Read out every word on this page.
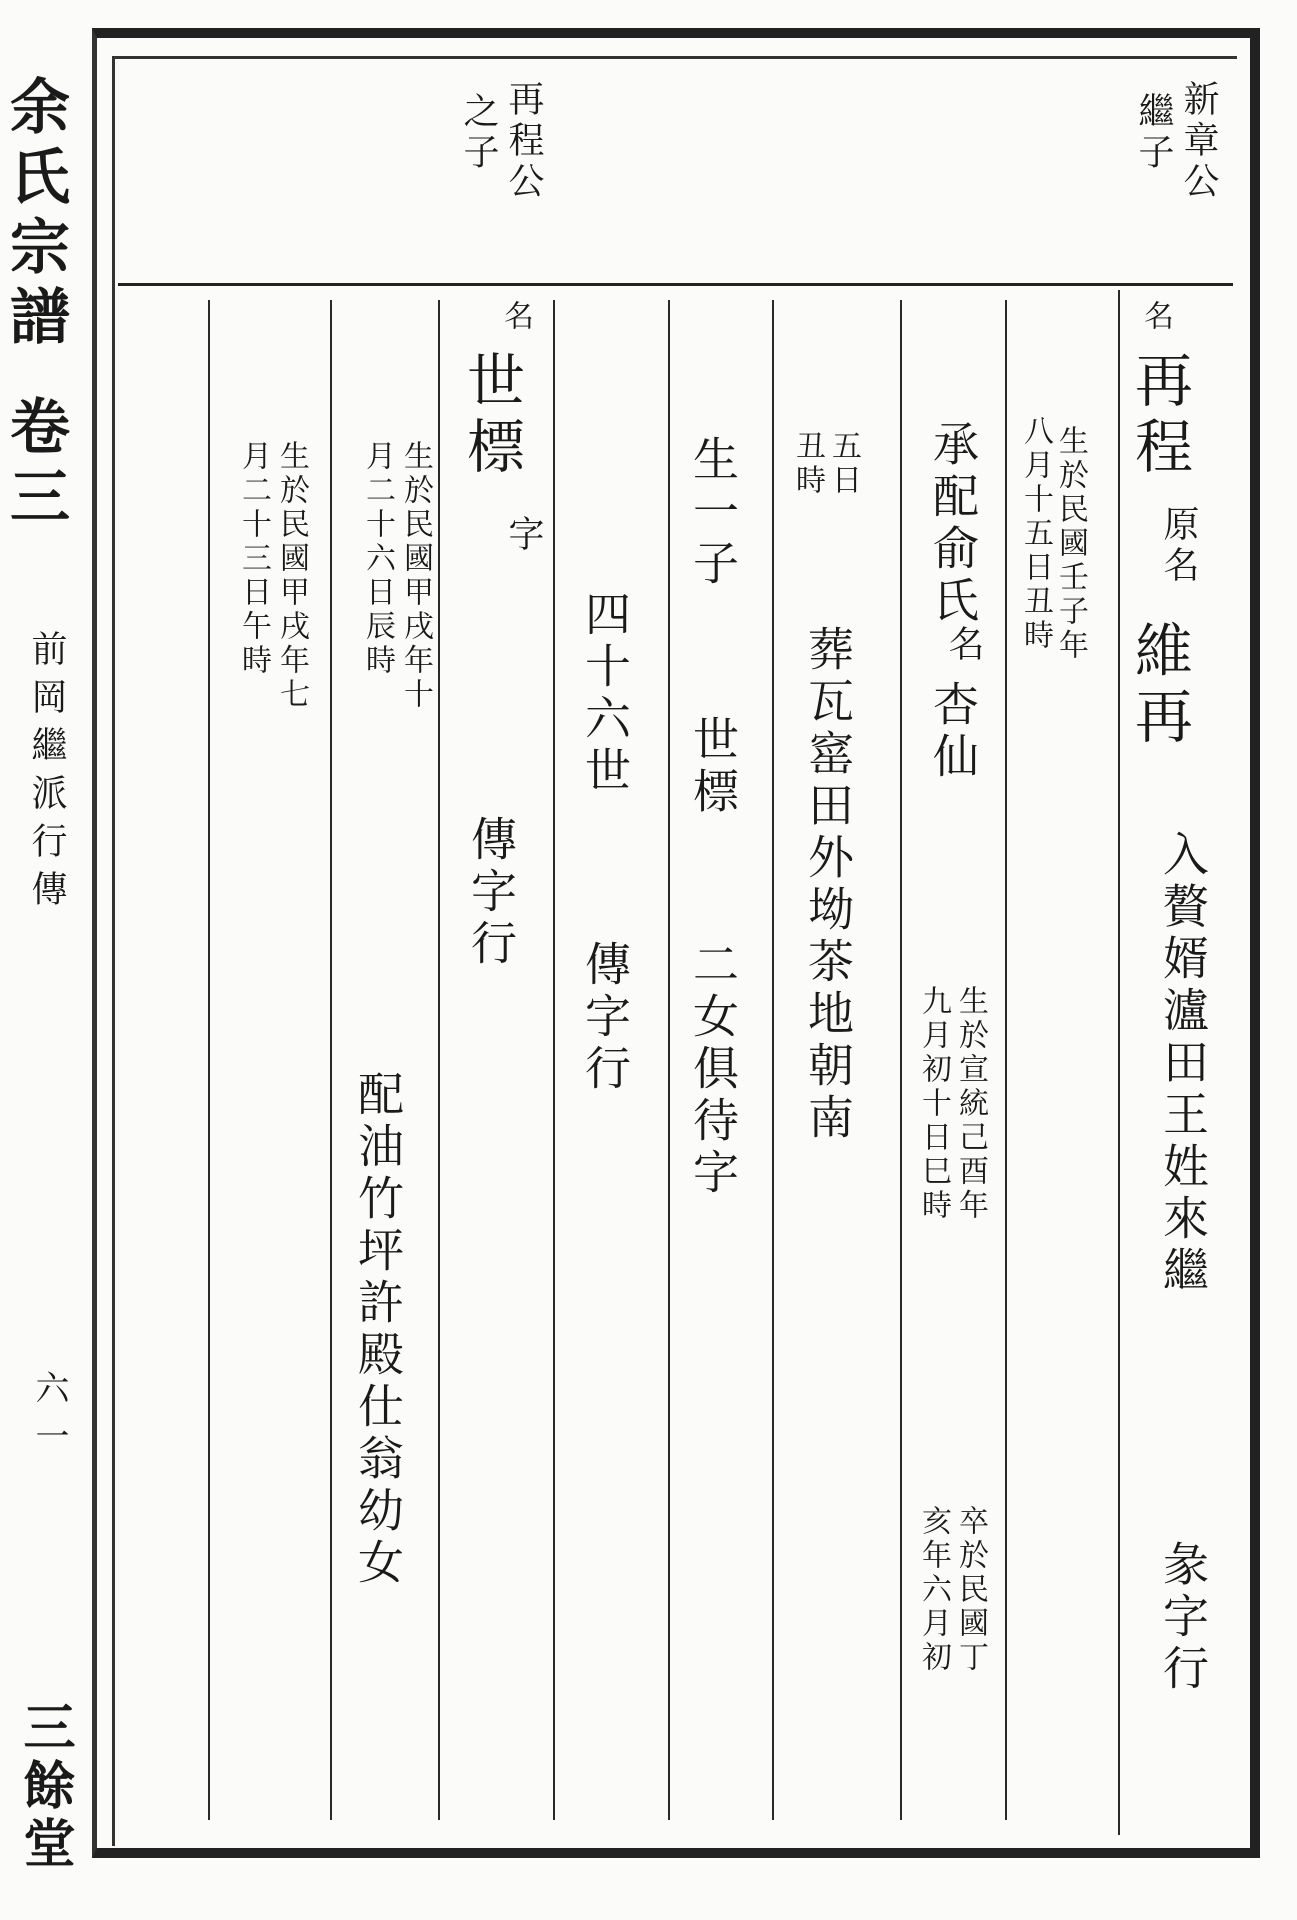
余氏宗譜
卷三
前岡繼派行傳
六一
三餘堂
新章公
繼子
再程公
之子
名
再程
原名
維再
入贅婿瀘田王姓來繼
彖字行
生於民國壬子年
八月十五日丑時
承配俞氏
名
杏仙
生於宣統己酉年
九月初十日巳時
卒於民國丁
亥年六月初
五日
丑時
葬瓦窰田外坳茶地朝南
生一子
世標
二女俱待字
四十六世
傳字行
名
世標
字
傳字行
生於民國甲戌年十
月二十六日辰時
配油竹坪許殿仕翁幼女
生於民國甲戌年七
月二十三日午時
